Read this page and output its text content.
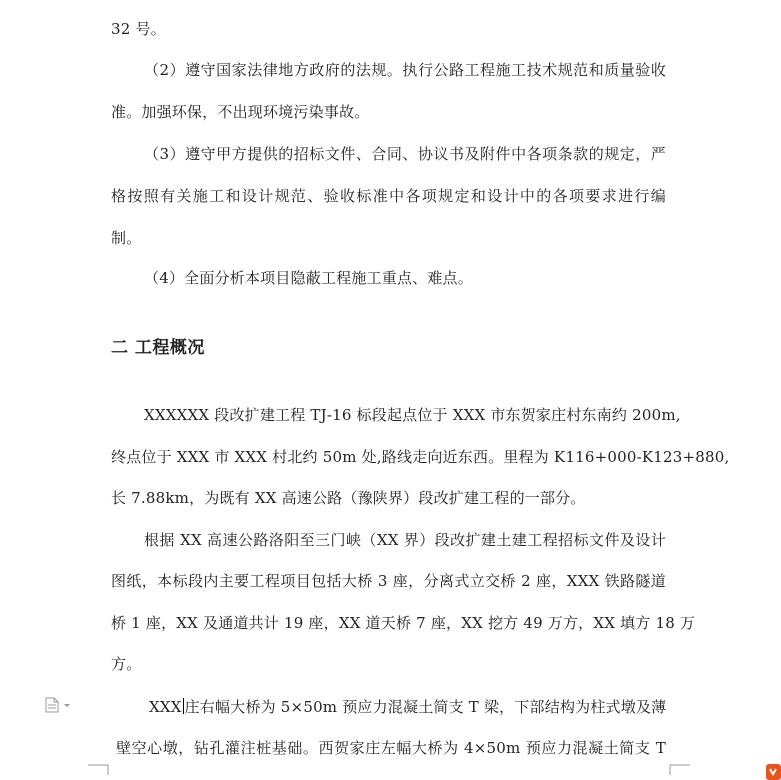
32 号。
（2）遵守国家法律地方政府的法规。执行公路工程施工技术规范和质量验收
准。加强环保，不出现环境污染事故。
（3）遵守甲方提供的招标文件、合同、协议书及附件中各项条款的规定，严
格按照有关施工和设计规范、验收标准中各项规定和设计中的各项要求进行编
制。
（4）全面分析本项目隐蔽工程施工重点、难点。
二 工程概况
XXXXXX 段改扩建工程 TJ-16 标段起点位于 XXX 市东贺家庄村东南约 200m,
终点位于 XXX 市 XXX 村北约 50m 处,路线走向近东西。里程为 K116+000-K123+880,
长 7.88km，为既有 XX 高速公路（豫陕界）段改扩建工程的一部分。
根据 XX 高速公路洛阳至三门峡（XX 界）段改扩建土建工程招标文件及设计
图纸，本标段内主要工程项目包括大桥 3 座，分离式立交桥 2 座，XXX 铁路隧道
桥 1 座，XX 及通道共计 19 座，XX 道天桥 7 座，XX 挖方 49 万方，XX 填方 18 万
方。
XXX 庄右幅大桥为 5×50m 预应力混凝土简支 T 梁，下部结构为柱式墩及薄
壁空心墩，钻孔灌注桩基础。西贺家庄左幅大桥为 4×50m 预应力混凝土简支 T
